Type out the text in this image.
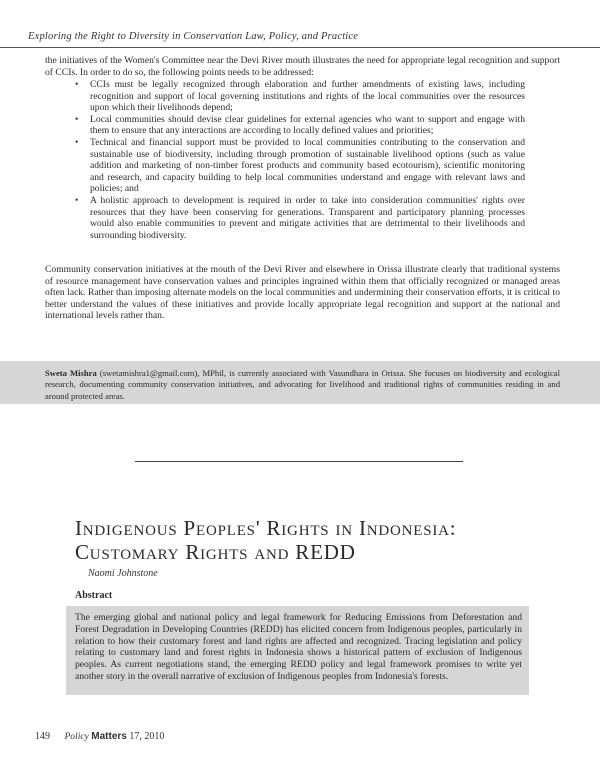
Exploring the Right to Diversity in Conservation Law, Policy, and Practice

the initiatives of the Women's Committee near the Devi River mouth illustrates the need for appropriate legal recognition and support of CCIs. In order to do so, the following points needs to be addressed:

• CCIs must be legally recognized through elaboration and further amendments of existing laws, including recognition and support of local governing institutions and rights of the local communities over the resources upon which their livelihoods depend;
• Local communities should devise clear guidelines for external agencies who want to support and engage with them to ensure that any interactions are according to locally defined values and priorities;
• Technical and financial support must be provided to local communities contributing to the conservation and sustainable use of biodiversity, including through promotion of sustainable livelihood options (such as value addition and marketing of non-timber forest products and community based ecotourism), scientific monitoring and research, and capacity building to help local communities understand and engage with relevant laws and policies; and
• A holistic approach to development is required in order to take into consideration communities' rights over resources that they have been conserving for generations. Transparent and participatory planning processes would also enable communities to prevent and mitigate activities that are detrimental to their livelihoods and surrounding biodiversity.

Community conservation initiatives at the mouth of the Devi River and elsewhere in Orissa illustrate clearly that traditional systems of resource management have conservation values and principles ingrained within them that officially recognized or managed areas often lack. Rather than imposing alternate models on the local communities and undermining their conservation efforts, it is critical to better understand the values of these initiatives and provide locally appropriate legal recognition and support at the national and international levels rather than.

Sweta Mishra (swetamishra1@gmail.com), MPhil, is currently associated with Vasundhara in Orissa. She focuses on biodiversity and ecological research, documenting community conservation initiatives, and advocating for livelihood and traditional rights of communities residing in and around protected areas.

Indigenous Peoples' Rights in Indonesia:
Customary Rights and REDD
Naomi Johnstone
Abstract

The emerging global and national policy and legal framework for Reducing Emissions from Deforestation and Forest Degradation in Developing Countries (REDD) has elicited concern from Indigenous peoples, particularly in relation to how their customary forest and land rights are affected and recognized. Tracing legislation and policy relating to customary land and forest rights in Indonesia shows a historical pattern of exclusion of Indigenous peoples. As current negotiations stand, the emerging REDD policy and legal framework promises to write yet another story in the overall narrative of exclusion of Indigenous peoples from Indonesia's forests.

149 Policy Matters 17, 2010
